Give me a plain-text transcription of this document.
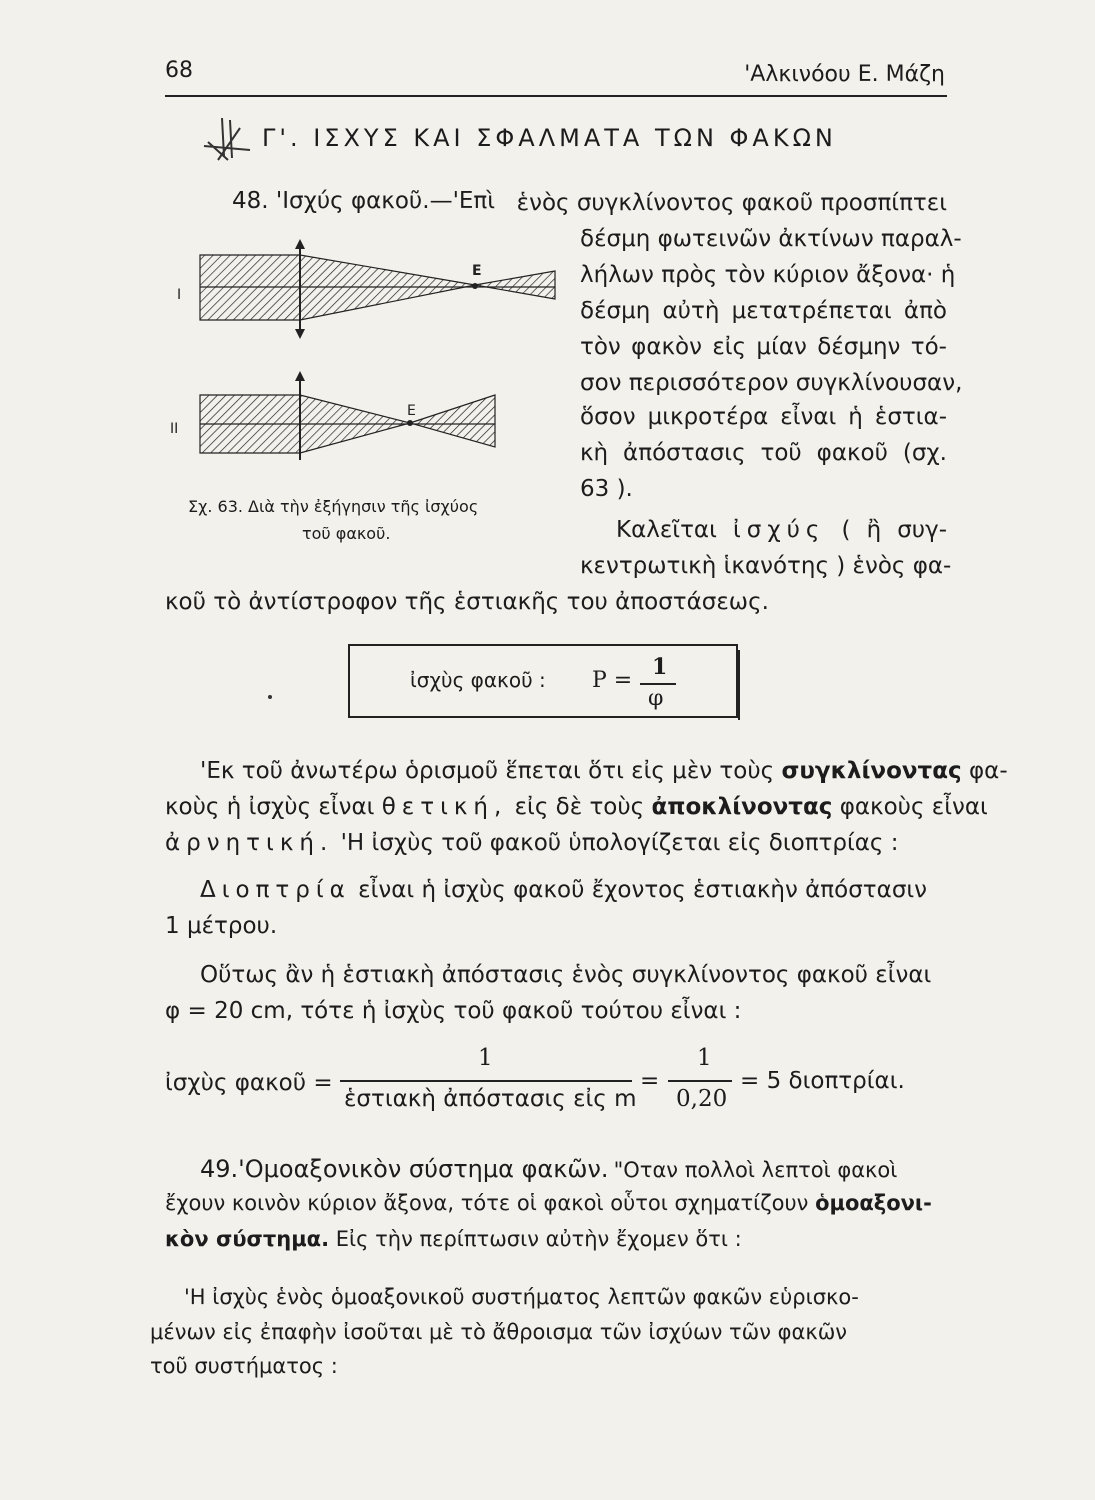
68	'Αλκινόου Ε. Μάζη
Γ'. ΙΣΧΥΣ ΚΑΙ ΣΦΑΛΜΑΤΑ ΤΩΝ ΦΑΚΩΝ
48. 'Ισχύς φακοῦ.—'Επὶ ἑνὸς συγκλίνοντος φακοῦ προσπίπτει
δέσμη φωτεινῶν ἀκτίνων παραλ-
λήλων πρὸς τὸν κύριον ἄξονα· ἡ
δέσμη αὐτὴ μετατρέπεται ἀπὸ
τὸν φακὸν εἰς μίαν δέσμην τό-
σον περισσότερον συγκλίνουσαν,
ὅσον μικροτέρα εἶναι ἡ ἑστια-
κὴ ἀπόστασις τοῦ φακοῦ (σχ.
63 ).
Καλεῖται ἰσχύς ( ἢ συγ-
κεντρωτικὴ ἱκανότης ) ἑνὸς φα-
κοῦ τὸ ἀντίστροφον τῆς ἑστιακῆς του ἀποστάσεως.
E
I
E
II
Σχ. 63. Διὰ τὴν ἐξήγησιν τῆς ἰσχύος
τοῦ φακοῦ.
ἰσχὺς φακοῦ : P =
1
φ
'Εκ τοῦ ἀνωτέρω ὁρισμοῦ ἕπεται ὅτι εἰς μὲν τοὺς συγκλίνοντας φα-
κοὺς ἡ ἰσχὺς εἶναι θετική, εἰς δὲ τοὺς ἀποκλίνοντας φακοὺς εἶναι
ἀρνητική. 'Η ἰσχὺς τοῦ φακοῦ ὑπολογίζεται εἰς διοπτρίας :
Διοπτρία εἶναι ἡ ἰσχὺς φακοῦ ἔχοντος ἑστιακὴν ἀπόστασιν
1 μέτρου.
Οὕτως ἂν ἡ ἑστιακὴ ἀπόστασις ἑνὸς συγκλίνοντος φακοῦ εἶναι
φ = 20 cm, τότε ἡ ἰσχὺς τοῦ φακοῦ τούτου εἶναι :
ἰσχὺς φακοῦ =
1
ἑστιακὴ ἀπόστασις εἰς m
=
1
0,20
= 5 διοπτρίαι.
49.'Ομοαξονικὸν σύστημα φακῶν. "Οταν πολλοὶ λεπτοὶ φακοὶ
ἔχουν κοινὸν κύριον ἄξονα, τότε οἱ φακοὶ οὗτοι σχηματίζουν ὁμοαξονι-
κὸν σύστημα. Εἰς τὴν περίπτωσιν αὐτὴν ἔχομεν ὅτι :
'Η ἰσχὺς ἑνὸς ὁμοαξονικοῦ συστήματος λεπτῶν φακῶν εὑρισκο-
μένων εἰς ἐπαφὴν ἰσοῦται μὲ τὸ ἄθροισμα τῶν ἰσχύων τῶν φακῶν
τοῦ συστήματος :
